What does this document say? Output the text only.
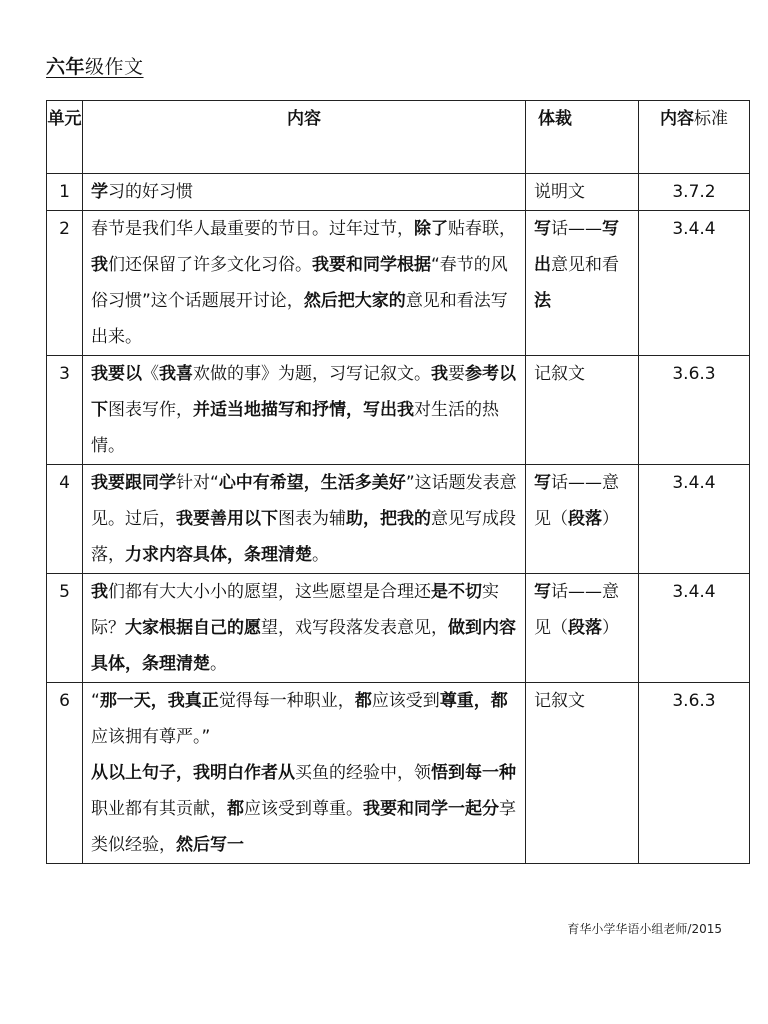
六年级作文
单元	内容	体裁	内容标准
1	学习的好习惯	说明文	3.7.2
2	春节是我们华人最重要的节日。过年过节，除了贴春联，我们还保留了许多文化习俗。我要和同学根据“春节的风俗习惯”这个话题展开讨论，然后把大家的意见和看法写出来。	写话——写出意见和看法	3.4.4
3	我要以《我喜欢做的事》为题，习写记叙文。我要参考以下图表写作，并适当地描写和抒情，写出我对生活的热情。	记叙文	3.6.3
4	我要跟同学针对“心中有希望，生活多美好”这话题发表意见。过后，我要善用以下图表为辅助，把我的意见写成段落，力求内容具体，条理清楚。	写话——意见（段落）	3.4.4
5	我们都有大大小小的愿望，这些愿望是合理还是不切实际？大家根据自己的愿望，戏写段落发表意见，做到内容具体，条理清楚。	写话——意见（段落）	3.4.4
6	“那一天，我真正觉得每一种职业，都应该受到尊重，都应该拥有尊严。”
从以上句子，我明白作者从买鱼的经验中，领悟到每一种职业都有其贡献，都应该受到尊重。我要和同学一起分享类似经验，然后写一	记叙文	3.6.3
育华小学华语小组老师/2015
